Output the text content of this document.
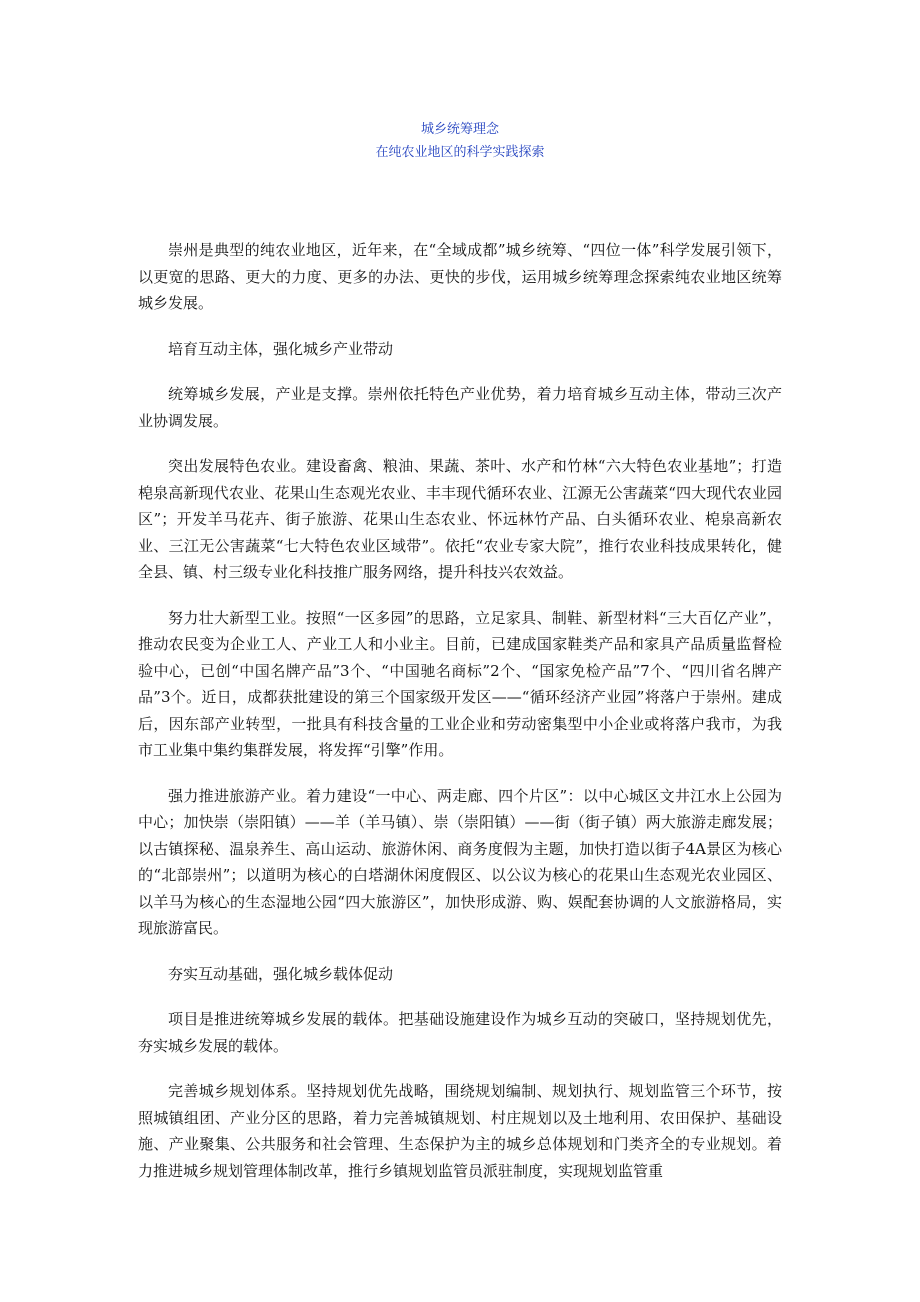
城乡统筹理念
在纯农业地区的科学实践探索

崇州是典型的纯农业地区，近年来，在“全域成都”城乡统筹、“四位一体”科学发展引领下，以更宽的思路、更大的力度、更多的办法、更快的步伐，运用城乡统筹理念探索纯农业地区统筹城乡发展。

培育互动主体，强化城乡产业带动

统筹城乡发展，产业是支撑。崇州依托特色产业优势，着力培育城乡互动主体，带动三次产业协调发展。

突出发展特色农业。建设畜禽、粮油、果蔬、茶叶、水产和竹林“六大特色农业基地”；打造梍泉高新现代农业、花果山生态观光农业、丰丰现代循环农业、江源无公害蔬菜“四大现代农业园区”；开发羊马花卉、街子旅游、花果山生态农业、怀远林竹产品、白头循环农业、梍泉高新农业、三江无公害蔬菜“七大特色农业区域带”。依托“农业专家大院”，推行农业科技成果转化，健全县、镇、村三级专业化科技推广服务网络，提升科技兴农效益。

努力壮大新型工业。按照“一区多园”的思路，立足家具、制鞋、新型材料“三大百亿产业”，推动农民变为企业工人、产业工人和小业主。目前，已建成国家鞋类产品和家具产品质量监督检验中心，已创“中国名牌产品”3个、“中国驰名商标”2个、“国家免检产品”7个、“四川省名牌产品”3个。近日，成都获批建设的第三个国家级开发区——“循环经济产业园”将落户于崇州。建成后，因东部产业转型，一批具有科技含量的工业企业和劳动密集型中小企业或将落户我市，为我市工业集中集约集群发展，将发挥“引擎”作用。

强力推进旅游产业。着力建设“一中心、两走廊、四个片区”：以中心城区文井江水上公园为中心；加快崇（崇阳镇）——羊（羊马镇）、崇（崇阳镇）——街（街子镇）两大旅游走廊发展；以古镇探秘、温泉养生、高山运动、旅游休闲、商务度假为主题，加快打造以街子4A景区为核心的“北部崇州”；以道明为核心的白塔湖休闲度假区、以公议为核心的花果山生态观光农业园区、以羊马为核心的生态湿地公园“四大旅游区”，加快形成游、购、娱配套协调的人文旅游格局，实现旅游富民。

夯实互动基础，强化城乡载体促动

项目是推进统筹城乡发展的载体。把基础设施建设作为城乡互动的突破口，坚持规划优先，夯实城乡发展的载体。

完善城乡规划体系。坚持规划优先战略，围绕规划编制、规划执行、规划监管三个环节，按照城镇组团、产业分区的思路，着力完善城镇规划、村庄规划以及土地利用、农田保护、基础设施、产业聚集、公共服务和社会管理、生态保护为主的城乡总体规划和门类齐全的专业规划。着力推进城乡规划管理体制改革，推行乡镇规划监管员派驻制度，实现规划监管重
